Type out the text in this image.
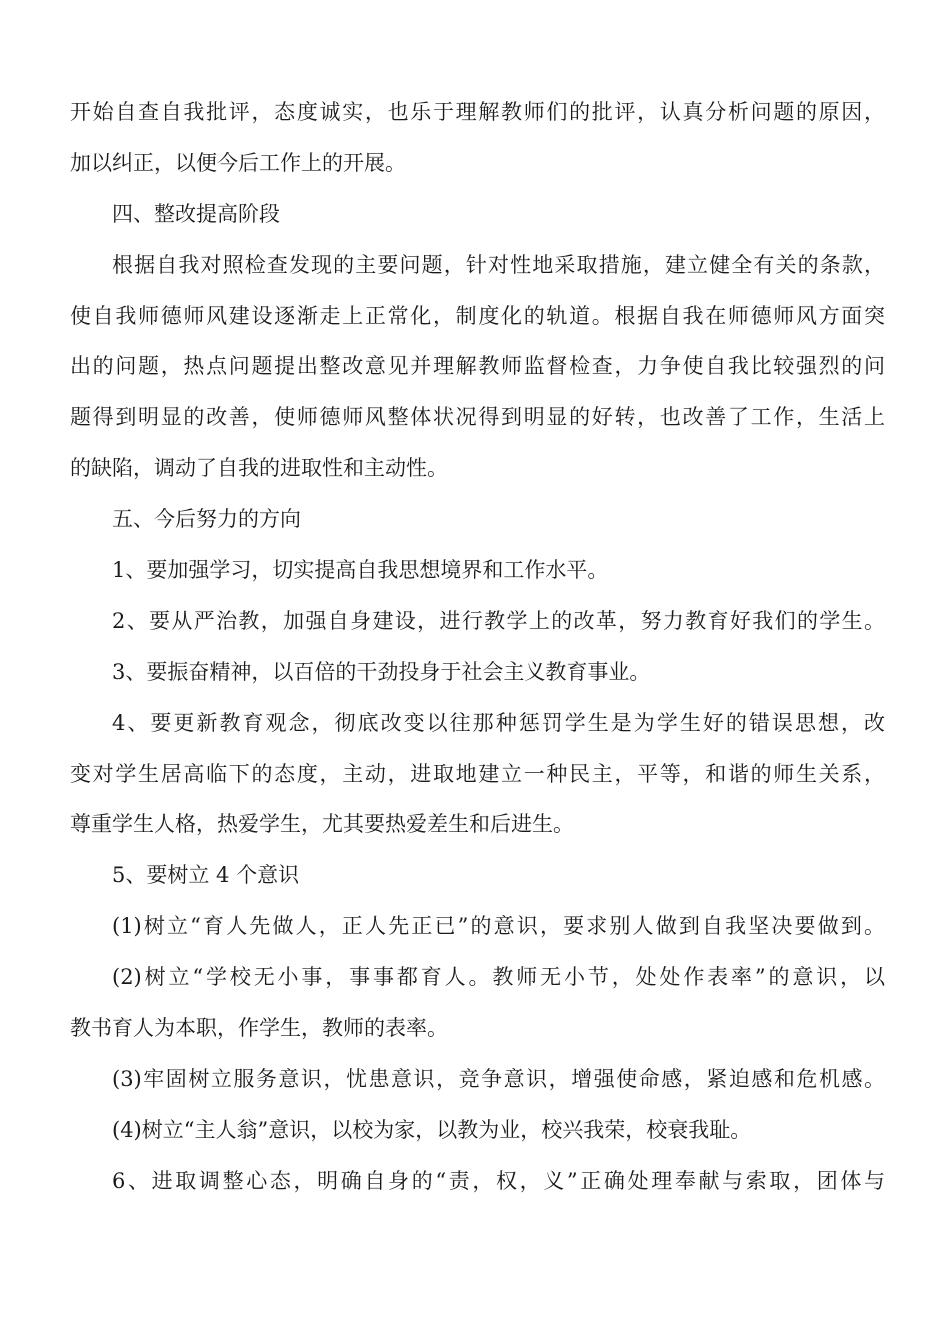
开始自查自我批评，态度诚实，也乐于理解教师们的批评，认真分析问题的原因，
加以纠正，以便今后工作上的开展。
四、整改提高阶段
根据自我对照检查发现的主要问题，针对性地采取措施，建立健全有关的条款，
使自我师德师风建设逐渐走上正常化，制度化的轨道。根据自我在师德师风方面突
出的问题，热点问题提出整改意见并理解教师监督检查，力争使自我比较强烈的问
题得到明显的改善，使师德师风整体状况得到明显的好转，也改善了工作，生活上
的缺陷，调动了自我的进取性和主动性。
五、今后努力的方向
1、要加强学习，切实提高自我思想境界和工作水平。
2、要从严治教，加强自身建设，进行教学上的改革，努力教育好我们的学生。
3、要振奋精神，以百倍的干劲投身于社会主义教育事业。
4、要更新教育观念，彻底改变以往那种惩罚学生是为学生好的错误思想，改
变对学生居高临下的态度，主动，进取地建立一种民主，平等，和谐的师生关系，
尊重学生人格，热爱学生，尤其要热爱差生和后进生。
5、要树立 4 个意识
(1)树立“育人先做人，正人先正已”的意识，要求别人做到自我坚决要做到。
(2)树立“学校无小事，事事都育人。教师无小节，处处作表率”的意识，以
教书育人为本职，作学生，教师的表率。
(3)牢固树立服务意识，忧患意识，竞争意识，增强使命感，紧迫感和危机感。
(4)树立“主人翁”意识，以校为家，以教为业，校兴我荣，校衰我耻。
6、进取调整心态，明确自身的“责，权，义”正确处理奉献与索取，团体与
